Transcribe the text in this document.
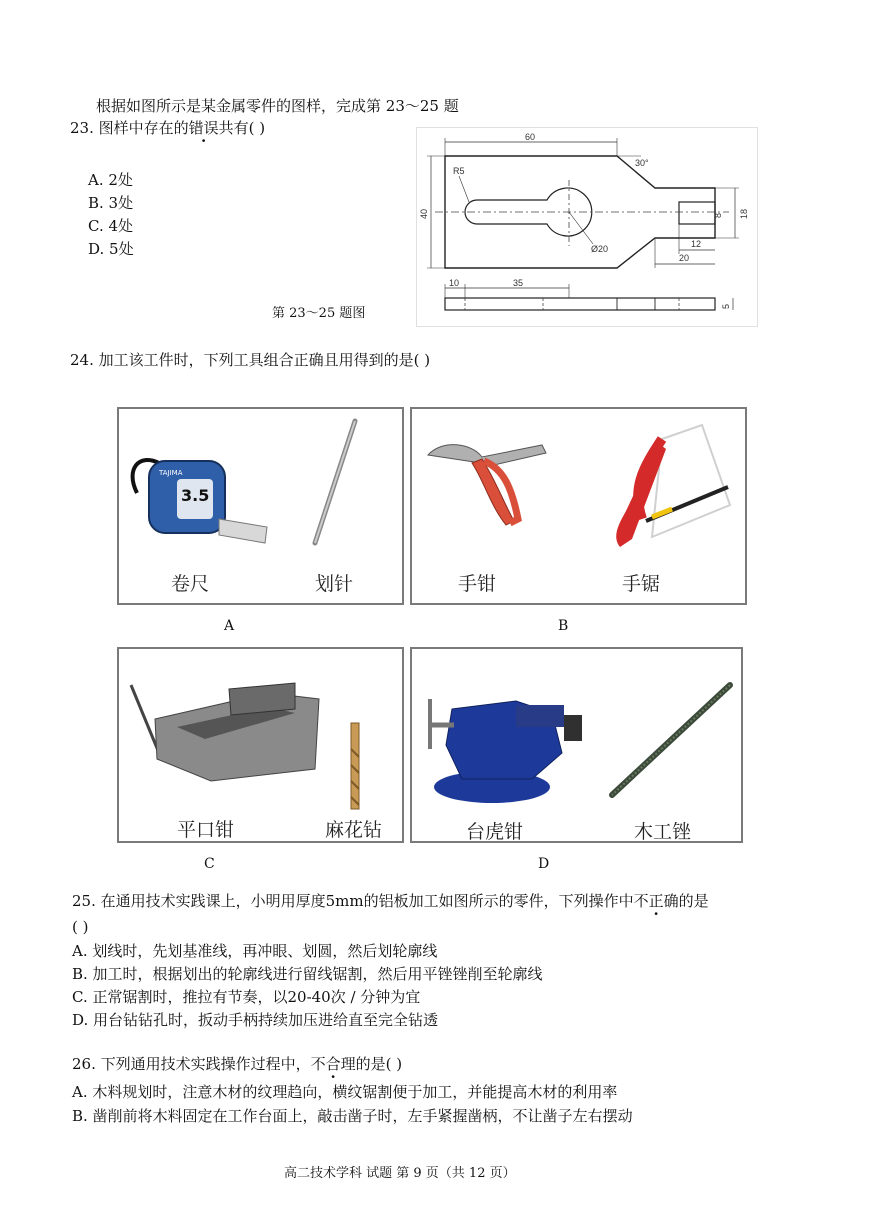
根据如图所示是某金属零件的图样，完成第 23～25 题
23. 图样中存在的错误共有( )
A. 2处
B. 3处
C. 4处
D. 5处
第 23～25 题图
60
30°
R5
40	8 18
Ø20	12
20
10	35
5
24. 加工该工件时，下列工具组合正确且用得到的是( )
3.5
TAJIMA
卷尺	划针
A
手钳	手锯
B
平口钳	麻花钻
C
台虎钳	木工锉
D
25. 在通用技术实践课上，小明用厚度5mm的铝板加工如图所示的零件，下列操作中不正确的是
( )
A. 划线时，先划基准线，再冲眼、划圆，然后划轮廓线
B. 加工时，根据划出的轮廓线进行留线锯割，然后用平锉锉削至轮廓线
C. 正常锯割时，推拉有节奏，以20-40次 / 分钟为宜
D. 用台钻钻孔时，扳动手柄持续加压进给直至完全钻透
26. 下列通用技术实践操作过程中，不合理的是( )
A. 木料规划时，注意木材的纹理趋向，横纹锯割便于加工，并能提高木材的利用率
B. 凿削前将木料固定在工作台面上，敲击凿子时，左手紧握凿柄，不让凿子左右摆动
高二技术学科 试题 第 9 页（共 12 页）
